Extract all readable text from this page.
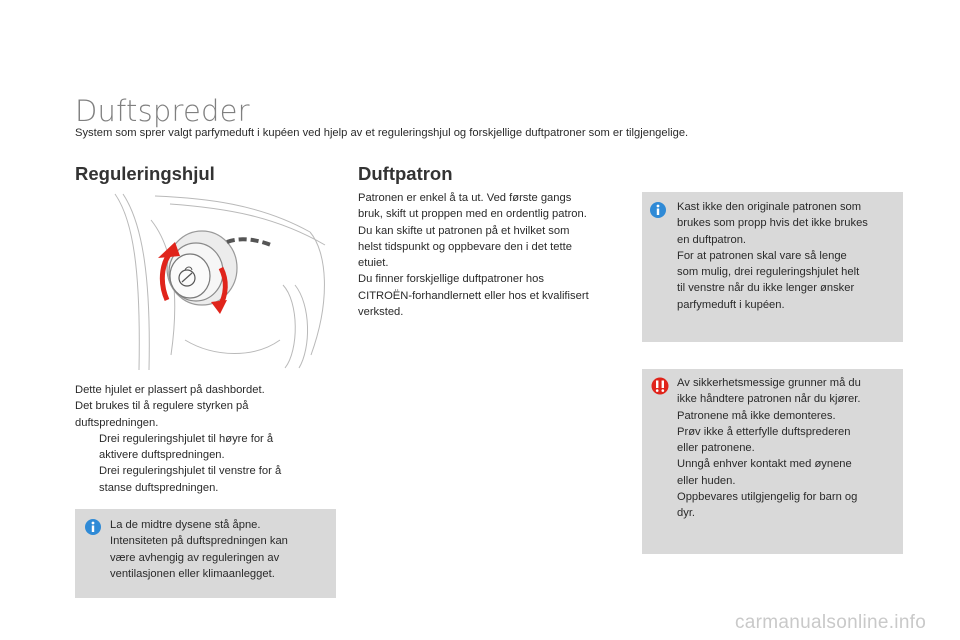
Duftspreder
System som sprer valgt parfymeduft i kupéen ved hjelp av et reguleringshjul og forskjellige duftpatroner som er tilgjengelige.
Reguleringshjul	Duftpatron
Dette hjulet er plassert på dashbordet.
Det brukes til å regulere styrken på
duftspredningen.
Drei reguleringshjulet til høyre for å
aktivere duftspredningen.
Drei reguleringshjulet til venstre for å
stanse duftspredningen.
La de midtre dysene stå åpne.
Intensiteten på duftspredningen kan
være avhengig av reguleringen av
ventilasjonen eller klimaanlegget.
Patronen er enkel å ta ut. Ved første gangs
bruk, skift ut proppen med en ordentlig patron.
Du kan skifte ut patronen på et hvilket som
helst tidspunkt og oppbevare den i det tette
etuiet.
Du finner forskjellige duftpatroner hos
CITROËN-forhandlernett eller hos et kvalifisert
verksted.
Kast ikke den originale patronen som
brukes som propp hvis det ikke brukes
en duftpatron.
For at patronen skal vare så lenge
som mulig, drei reguleringshjulet helt
til venstre når du ikke lenger ønsker
parfymeduft i kupéen.
Av sikkerhetsmessige grunner må du
ikke håndtere patronen når du kjører.
Patronene må ikke demonteres.
Prøv ikke å etterfylle duftsprederen
eller patronene.
Unngå enhver kontakt med øynene
eller huden.
Oppbevares utilgjengelig for barn og
dyr.
carmanualsonline.info
